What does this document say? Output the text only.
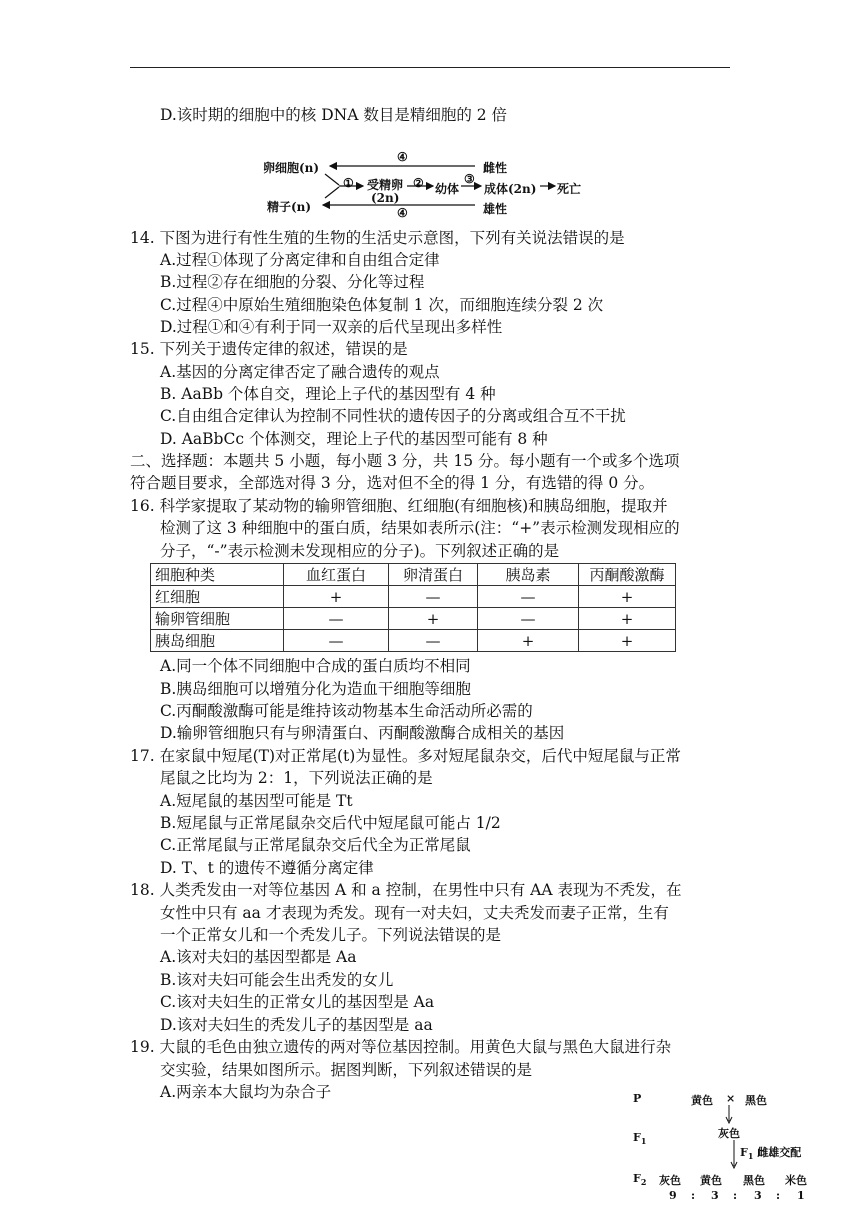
D.该时期的细胞中的核 DNA 数目是精细胞的 2 倍
④
卵细胞(n)	雌性
① 受精卵
(2n)
② 幼体
③
成体(2n) 死亡
精子(n)	雄性
④
14. 下图为进行有性生殖的生物的生活史示意图，下列有关说法错误的是
A.过程①体现了分离定律和自由组合定律
B.过程②存在细胞的分裂、分化等过程
C.过程④中原始生殖细胞染色体复制 1 次，而细胞连续分裂 2 次
D.过程①和④有利于同一双亲的后代呈现出多样性
15. 下列关于遗传定律的叙述，错误的是
A.基因的分离定律否定了融合遗传的观点
B. AaBb 个体自交，理论上子代的基因型有 4 种
C.自由组合定律认为控制不同性状的遗传因子的分离或组合互不干扰
D. AaBbCc 个体测交，理论上子代的基因型可能有 8 种
二、选择题：本题共 5 小题，每小题 3 分，共 15 分。每小题有一个或多个选项
符合题目要求，全部选对得 3 分，选对但不全的得 1 分，有选错的得 0 分。
16. 科学家提取了某动物的输卵管细胞、红细胞(有细胞核)和胰岛细胞，提取并
检测了这 3 种细胞中的蛋白质，结果如表所示(注：“+”表示检测发现相应的
分子，“-”表示检测未发现相应的分子)。下列叙述正确的是
细胞种类	血红蛋白	卵清蛋白	胰岛素	丙酮酸激酶
红细胞	+	—	—	+
输卵管细胞	—	+	—	+
胰岛细胞	—	—	+	+
A.同一个体不同细胞中合成的蛋白质均不相同
B.胰岛细胞可以增殖分化为造血干细胞等细胞
C.丙酮酸激酶可能是维持该动物基本生命活动所必需的
D.输卵管细胞只有与卵清蛋白、丙酮酸激酶合成相关的基因
17. 在家鼠中短尾(T)对正常尾(t)为显性。多对短尾鼠杂交，后代中短尾鼠与正常
尾鼠之比均为 2：1，下列说法正确的是
A.短尾鼠的基因型可能是 Tt
B.短尾鼠与正常尾鼠杂交后代中短尾鼠可能占 1/2
C.正常尾鼠与正常尾鼠杂交后代全为正常尾鼠
D. T、t 的遗传不遵循分离定律
18. 人类秃发由一对等位基因 A 和 a 控制，在男性中只有 AA 表现为不秃发，在
女性中只有 aa 才表现为秃发。现有一对夫妇，丈夫秃发而妻子正常，生有
一个正常女儿和一个秃发儿子。下列说法错误的是
A.该对夫妇的基因型都是 Aa
B.该对夫妇可能会生出秃发的女儿
C.该对夫妇生的正常女儿的基因型是 Aa
D.该对夫妇生的秃发儿子的基因型是 aa
19. 大鼠的毛色由独立遗传的两对等位基因控制。用黄色大鼠与黑色大鼠进行杂
交实验，结果如图所示。据图判断，下列叙述错误的是
A.两亲本大鼠均为杂合子	P	黄色 × 黑色
$F_1$
灰色
$F_1$ 雌雄交配
$F_2$ 灰色 黄色 黑色 米色
9 : 3 : 3 : 1
